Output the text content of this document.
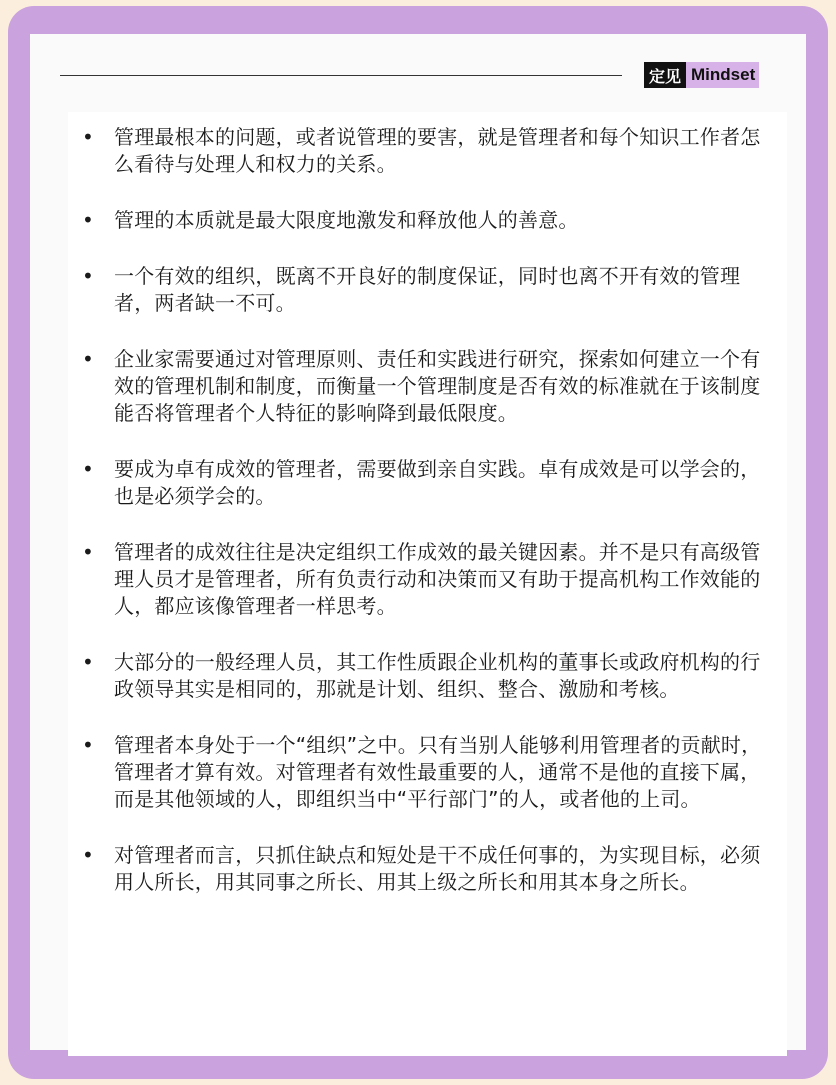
定见 Mindset
• 管理最根本的问题，或者说管理的要害，就是管理者和每个知识工作者怎么看待与处理人和权力的关系。
• 管理的本质就是最大限度地激发和释放他人的善意。
• 一个有效的组织，既离不开良好的制度保证，同时也离不开有效的管理者，两者缺一不可。
• 企业家需要通过对管理原则、责任和实践进行研究，探索如何建立一个有效的管理机制和制度，而衡量一个管理制度是否有效的标准就在于该制度能否将管理者个人特征的影响降到最低限度。
• 要成为卓有成效的管理者，需要做到亲自实践。卓有成效是可以学会的，也是必须学会的。
• 管理者的成效往往是决定组织工作成效的最关键因素。并不是只有高级管理人员才是管理者，所有负责行动和决策而又有助于提高机构工作效能的人，都应该像管理者一样思考。
• 大部分的一般经理人员，其工作性质跟企业机构的董事长或政府机构的行政领导其实是相同的，那就是计划、组织、整合、激励和考核。
• 管理者本身处于一个“组织”之中。只有当别人能够利用管理者的贡献时，管理者才算有效。对管理者有效性最重要的人，通常不是他的直接下属，而是其他领域的人，即组织当中“平行部门”的人，或者他的上司。
• 对管理者而言，只抓住缺点和短处是干不成任何事的，为实现目标，必须用人所长，用其同事之所长、用其上级之所长和用其本身之所长。
